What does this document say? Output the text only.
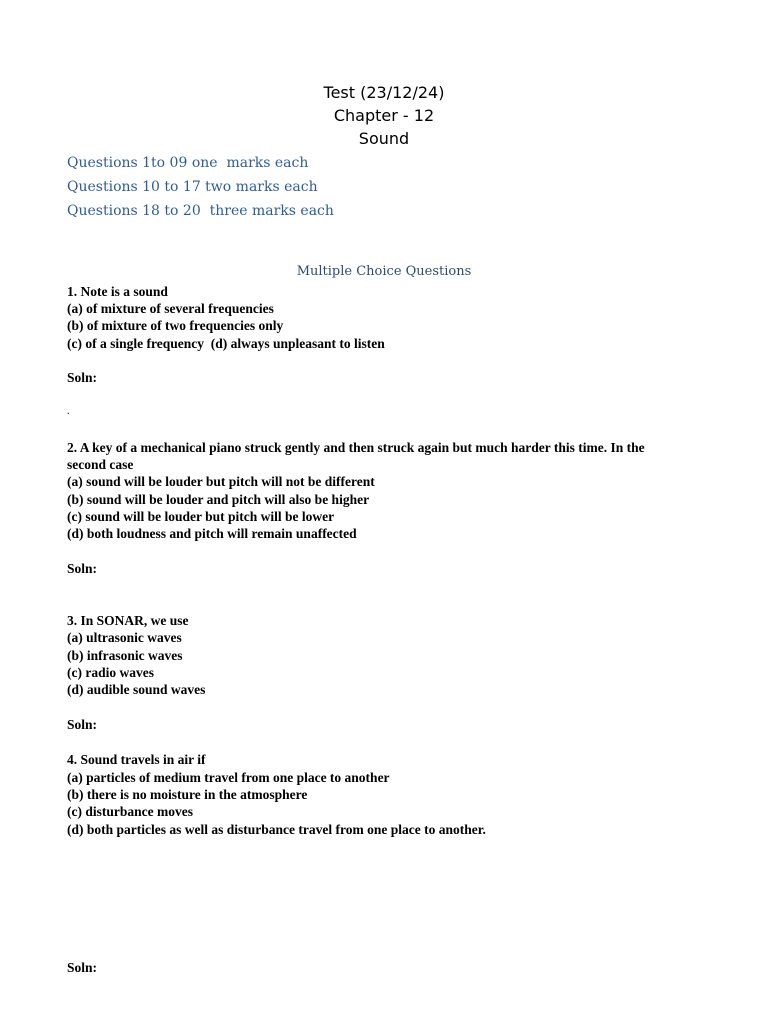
Test (23/12/24)
Chapter - 12
Sound
Questions 1to 09 one  marks each
Questions 10 to 17 two marks each
Questions 18 to 20  three marks each
Multiple Choice Questions
1. Note is a sound
(a) of mixture of several frequencies
(b) of mixture of two frequencies only
(c) of a single frequency  (d) always unpleasant to listen
Soln:
.
2. A key of a mechanical piano struck gently and then struck again but much harder this time. In the
second case
(a) sound will be louder but pitch will not be different
(b) sound will be louder and pitch will also be higher
(c) sound will be louder but pitch will be lower
(d) both loudness and pitch will remain unaffected
Soln:
3. In SONAR, we use
(a) ultrasonic waves
(b) infrasonic waves
(c) radio waves
(d) audible sound waves
Soln:
4. Sound travels in air if
(a) particles of medium travel from one place to another
(b) there is no moisture in the atmosphere
(c) disturbance moves
(d) both particles as well as disturbance travel from one place to another.
Soln:
